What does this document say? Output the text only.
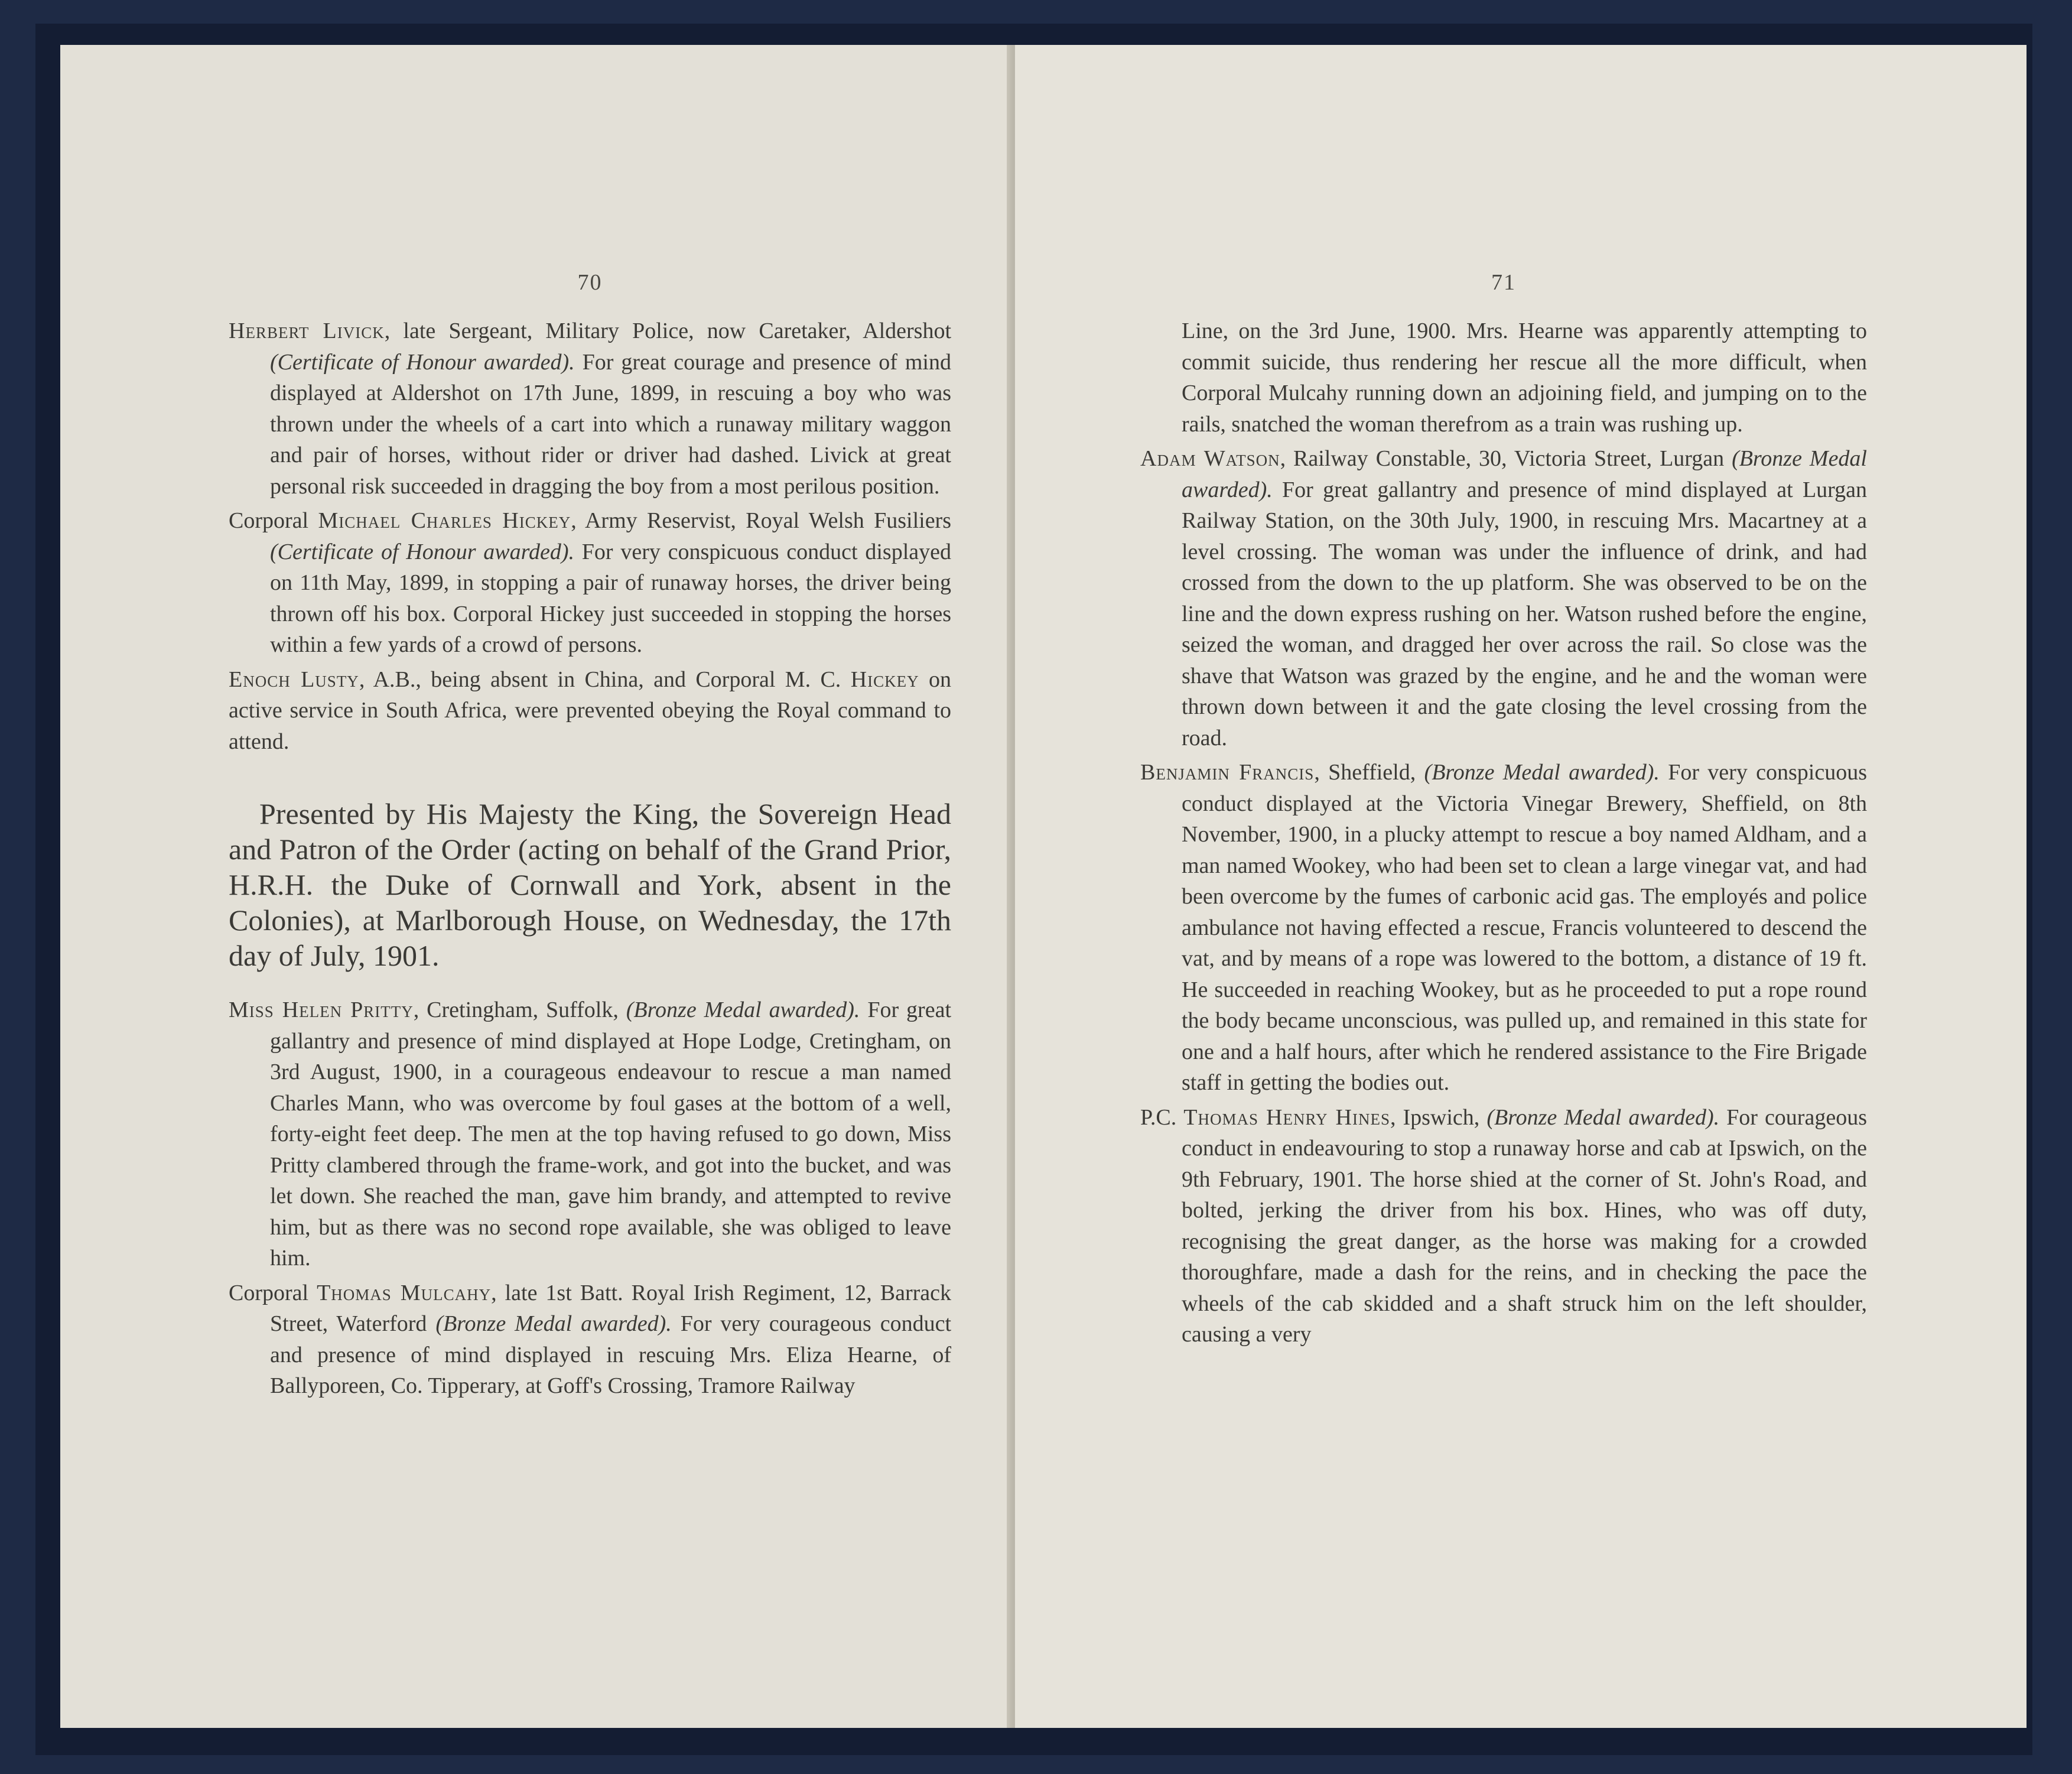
70

Herbert Livick, late Sergeant, Military Police, now Caretaker, Aldershot (Certificate of Honour awarded). For great courage and presence of mind displayed at Aldershot on 17th June, 1899, in rescuing a boy who was thrown under the wheels of a cart into which a runaway military waggon and pair of horses, without rider or driver had dashed. Livick at great personal risk succeeded in dragging the boy from a most perilous position.

Corporal Michael Charles Hickey, Army Reservist, Royal Welsh Fusiliers (Certificate of Honour awarded). For very conspicuous conduct displayed on 11th May, 1899, in stopping a pair of runaway horses, the driver being thrown off his box. Corporal Hickey just succeeded in stopping the horses within a few yards of a crowd of persons.

Enoch Lusty, A.B., being absent in China, and Corporal M. C. Hickey on active service in South Africa, were prevented obeying the Royal command to attend.

Presented by His Majesty the King, the Sovereign Head and Patron of the Order (acting on behalf of the Grand Prior, H.R.H. the Duke of Cornwall and York, absent in the Colonies), at Marlborough House, on Wednesday, the 17th day of July, 1901.

Miss Helen Pritty, Cretingham, Suffolk, (Bronze Medal awarded). For great gallantry and presence of mind displayed at Hope Lodge, Cretingham, on 3rd August, 1900, in a courageous endeavour to rescue a man named Charles Mann, who was overcome by foul gases at the bottom of a well, forty-eight feet deep. The men at the top having refused to go down, Miss Pritty clambered through the frame-work, and got into the bucket, and was let down. She reached the man, gave him brandy, and attempted to revive him, but as there was no second rope available, she was obliged to leave him.

Corporal Thomas Mulcahy, late 1st Batt. Royal Irish Regiment, 12, Barrack Street, Waterford (Bronze Medal awarded). For very courageous conduct and presence of mind displayed in rescuing Mrs. Eliza Hearne, of Ballyporeen, Co. Tipperary, at Goff's Crossing, Tramore Railway

71

Line, on the 3rd June, 1900. Mrs. Hearne was apparently attempting to commit suicide, thus rendering her rescue all the more difficult, when Corporal Mulcahy running down an adjoining field, and jumping on to the rails, snatched the woman therefrom as a train was rushing up.

Adam Watson, Railway Constable, 30, Victoria Street, Lurgan (Bronze Medal awarded). For great gallantry and presence of mind displayed at Lurgan Railway Station, on the 30th July, 1900, in rescuing Mrs. Macartney at a level crossing. The woman was under the influence of drink, and had crossed from the down to the up platform. She was observed to be on the line and the down express rushing on her. Watson rushed before the engine, seized the woman, and dragged her over across the rail. So close was the shave that Watson was grazed by the engine, and he and the woman were thrown down between it and the gate closing the level crossing from the road.

Benjamin Francis, Sheffield, (Bronze Medal awarded). For very conspicuous conduct displayed at the Victoria Vinegar Brewery, Sheffield, on 8th November, 1900, in a plucky attempt to rescue a boy named Aldham, and a man named Wookey, who had been set to clean a large vinegar vat, and had been overcome by the fumes of carbonic acid gas. The employés and police ambulance not having effected a rescue, Francis volunteered to descend the vat, and by means of a rope was lowered to the bottom, a distance of 19 ft. He succeeded in reaching Wookey, but as he proceeded to put a rope round the body became unconscious, was pulled up, and remained in this state for one and a half hours, after which he rendered assistance to the Fire Brigade staff in getting the bodies out.

P.C. Thomas Henry Hines, Ipswich, (Bronze Medal awarded). For courageous conduct in endeavouring to stop a runaway horse and cab at Ipswich, on the 9th February, 1901. The horse shied at the corner of St. John's Road, and bolted, jerking the driver from his box. Hines, who was off duty, recognising the great danger, as the horse was making for a crowded thoroughfare, made a dash for the reins, and in checking the pace the wheels of the cab skidded and a shaft struck him on the left shoulder, causing a very
